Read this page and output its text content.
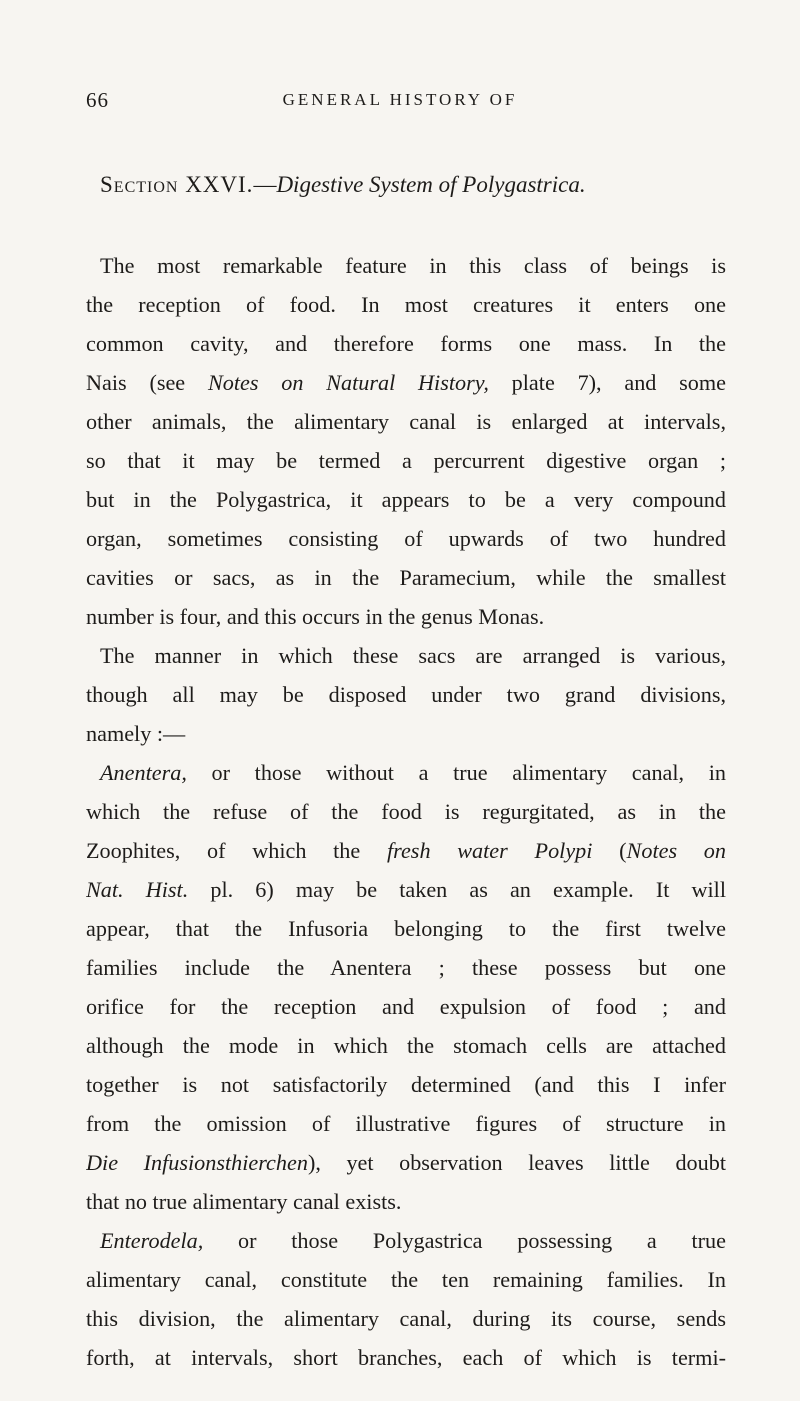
66	GENERAL HISTORY OF
Section XXVI.—Digestive System of Polygastrica.
The most remarkable feature in this class of beings is
the reception of food. In most creatures it enters one
common cavity, and therefore forms one mass. In the
Nais (see Notes on Natural History, plate 7), and some
other animals, the alimentary canal is enlarged at intervals,
so that it may be termed a percurrent digestive organ ;
but in the Polygastrica, it appears to be a very compound
organ, sometimes consisting of upwards of two hundred
cavities or sacs, as in the Paramecium, while the smallest
number is four, and this occurs in the genus Monas.
The manner in which these sacs are arranged is various,
though all may be disposed under two grand divisions,
namely :—
Anentera, or those without a true alimentary canal, in
which the refuse of the food is regurgitated, as in the
Zoophites, of which the fresh water Polypi (Notes on
Nat. Hist. pl. 6) may be taken as an example. It will
appear, that the Infusoria belonging to the first twelve
families include the Anentera ; these possess but one
orifice for the reception and expulsion of food ; and
although the mode in which the stomach cells are attached
together is not satisfactorily determined (and this I infer
from the omission of illustrative figures of structure in
Die Infusionsthierchen), yet observation leaves little doubt
that no true alimentary canal exists.
Enterodela, or those Polygastrica possessing a true
alimentary canal, constitute the ten remaining families. In
this division, the alimentary canal, during its course, sends
forth, at intervals, short branches, each of which is termi-
